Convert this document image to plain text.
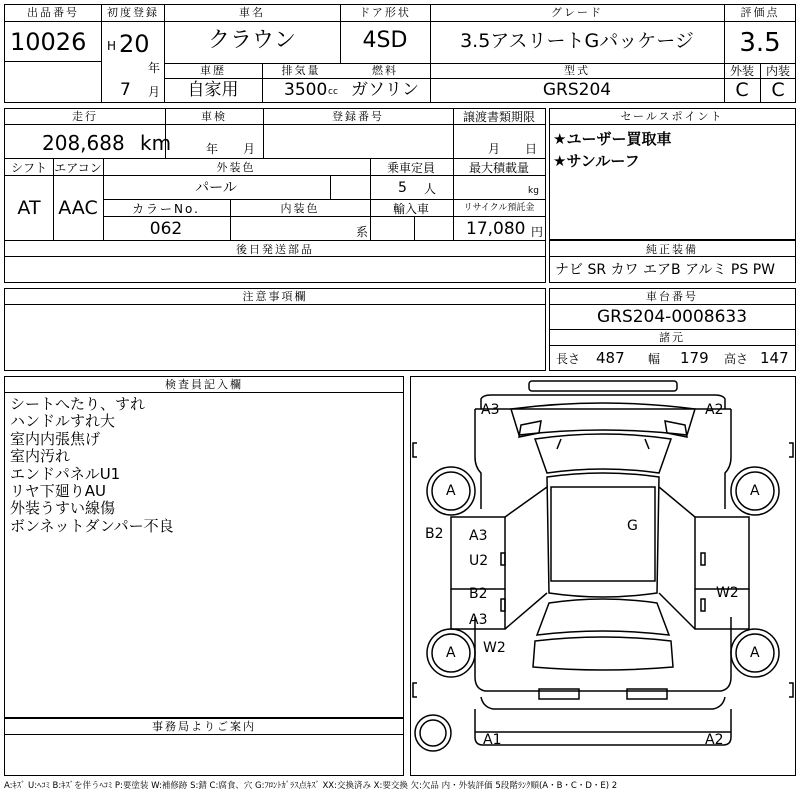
出品番号
10026
初度登録
H 20
年
7 月
車名
クラウン
ドア形状
4SD
グレード
3.5アスリートGパッケージ
評価点
3.5
車歴
自家用
排気量
3500 cc
燃料
ガソリン
型式
GRS204
外装 内装
C C
走行
208,688 km
車検
年 月
登録番号	譲渡書類期限
月 日
シフト エアコン
AT AAC
外装色
パール
乗車定員
5 人
最大積載量
kg
カラーNo.
062
内装色
系
輸入車	リサイクル預託金
17,080 円
後日発送部品
セールスポイント
★ユーザー買取車
★サンルーフ
純正装備
ナビ SR カワ エアB アルミ PS PW
注意事項欄	車台番号
GRS204-0008633
諸元
長さ 487 幅 179 高さ 147
検査員記入欄
シートへたり、すれ
ハンドルすれ大
室内内張焦げ
室内汚れ
エンドパネルU1
リヤ下廻りAU
外装うすい線傷
ボンネットダンパー不良
事務局よりご案内
A3	A2
A	A
A	A
B2 A3
U2
B2
A3
W2
W2
G
A1	A2
A:ｷｽﾞ U:ﾍｺﾐ B:ｷｽﾞを伴うﾍｺﾐ P:要塗装 W:補修跡 S:錆 C:腐食、穴 G:ﾌﾛﾝﾄｶﾞﾗｽ点ｷｽﾞ XX:交換済み X:要交換 欠:欠品 内・外装評価 5段階ﾗﾝｸ順(A・B・C・D・E) 2
